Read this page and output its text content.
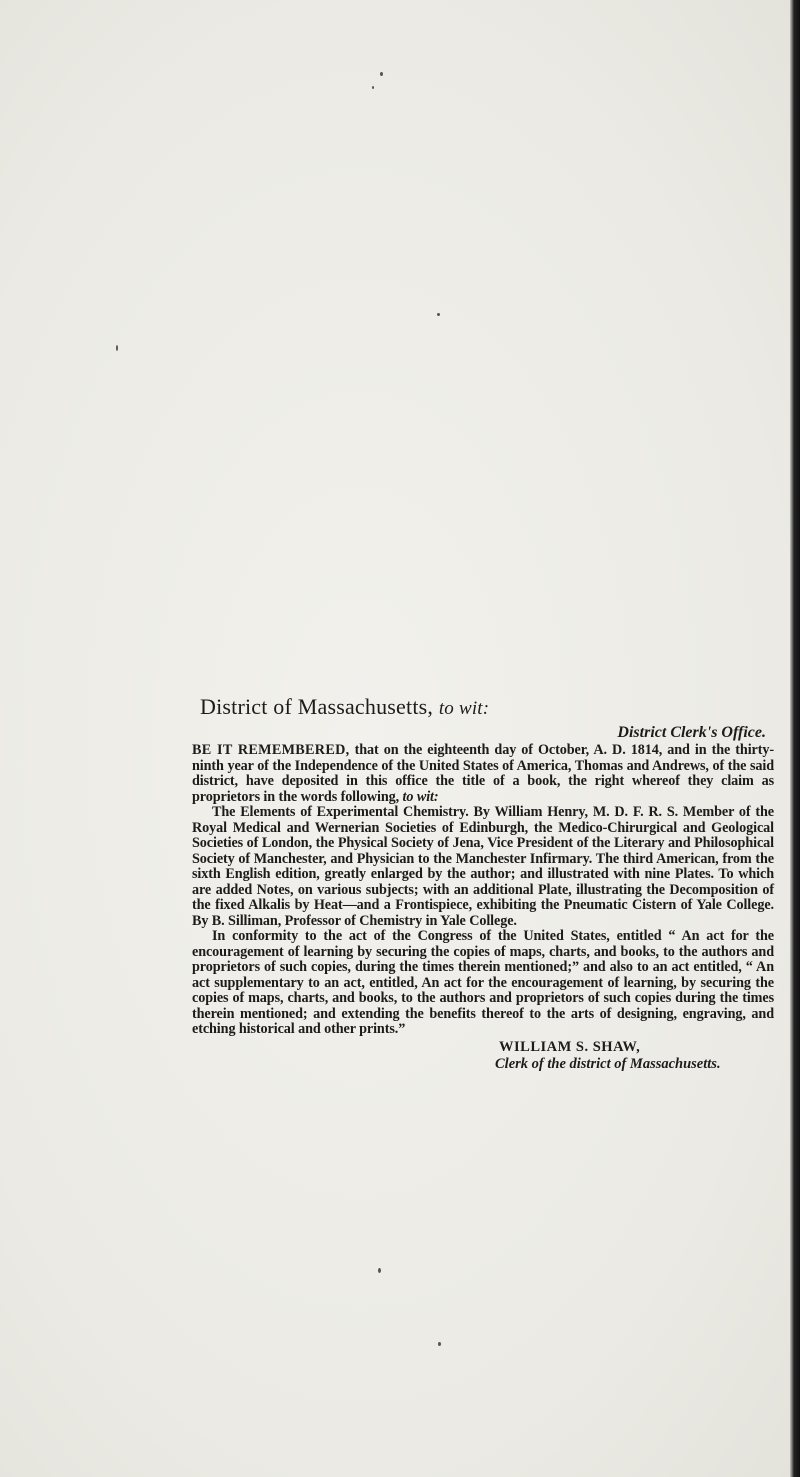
District of Massachusetts, to wit:
District Clerk's Office.

BE IT REMEMBERED, that on the eighteenth day of October, A. D. 1814, and in the thirty-ninth year of the Independence of the United States of America, Thomas and Andrews, of the said district, have deposited in this office the title of a book, the right whereof they claim as proprietors in the words following, to wit:

The Elements of Experimental Chemistry. By William Henry, M. D. F. R. S. Member of the Royal Medical and Wernerian Societies of Edinburgh, the Medico-Chirurgical and Geological Societies of London, the Physical Society of Jena, Vice President of the Literary and Philosophical Society of Manchester, and Physician to the Manchester Infirmary. The third American, from the sixth English edition, greatly enlarged by the author; and illustrated with nine Plates. To which are added Notes, on various subjects; with an additional Plate, illustrating the Decomposition of the fixed Alkalis by Heat—and a Frontispiece, exhibiting the Pneumatic Cistern of Yale College. By B. Silliman, Professor of Chemistry in Yale College.

In conformity to the act of the Congress of the United States, entitled “ An act for the encouragement of learning by securing the copies of maps, charts, and books, to the authors and proprietors of such copies, during the times therein mentioned;” and also to an act entitled, “ An act supplementary to an act, entitled, An act for the encouragement of learning, by securing the copies of maps, charts, and books, to the authors and proprietors of such copies during the times therein mentioned; and extending the benefits thereof to the arts of designing, engraving, and etching historical and other prints.”

WILLIAM S. SHAW,
Clerk of the district of Massachusetts.
